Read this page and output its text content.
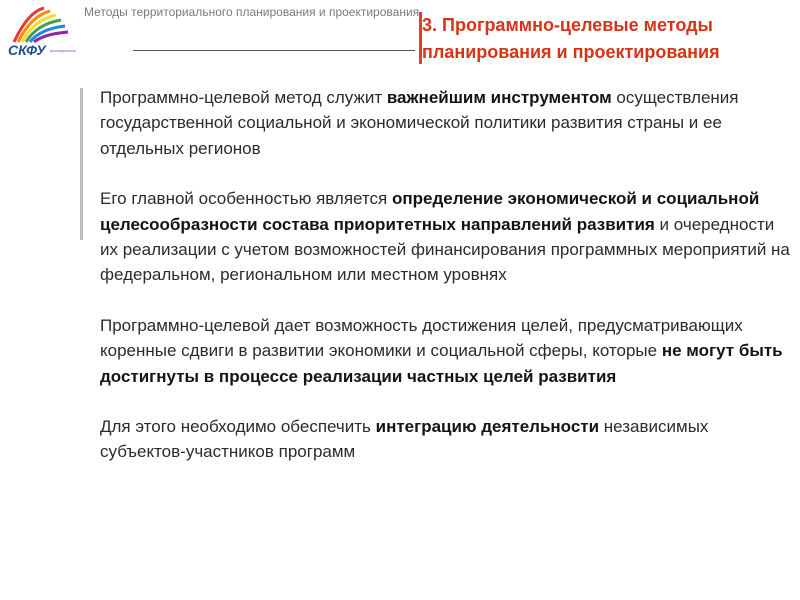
СКФУ	СЕВЕРО-КАВКАЗСКИЙ ФЕДЕРАЛЬНЫЙ УНИВЕРСИТЕТ
Методы территориального планирования и проектирования
3. Программно-целевые методы
планирования и проектирования

Программно-целевой метод служит важнейшим инструментом осуществления государственной социальной и экономической политики развития страны и ее отдельных регионов

Его главной особенностью является определение экономической и социальной целесообразности состава приоритетных направлений развития и очередности их реализации с учетом возможностей финансирования программных мероприятий на федеральном, региональном или местном уровнях

Программно-целевой дает возможность достижения целей, предусматривающих коренные сдвиги в развитии экономики и социальной сферы, которые не могут быть достигнуты в процессе реализации частных целей развития

Для этого необходимо обеспечить интеграцию деятельности независимых субъектов-участников программ
